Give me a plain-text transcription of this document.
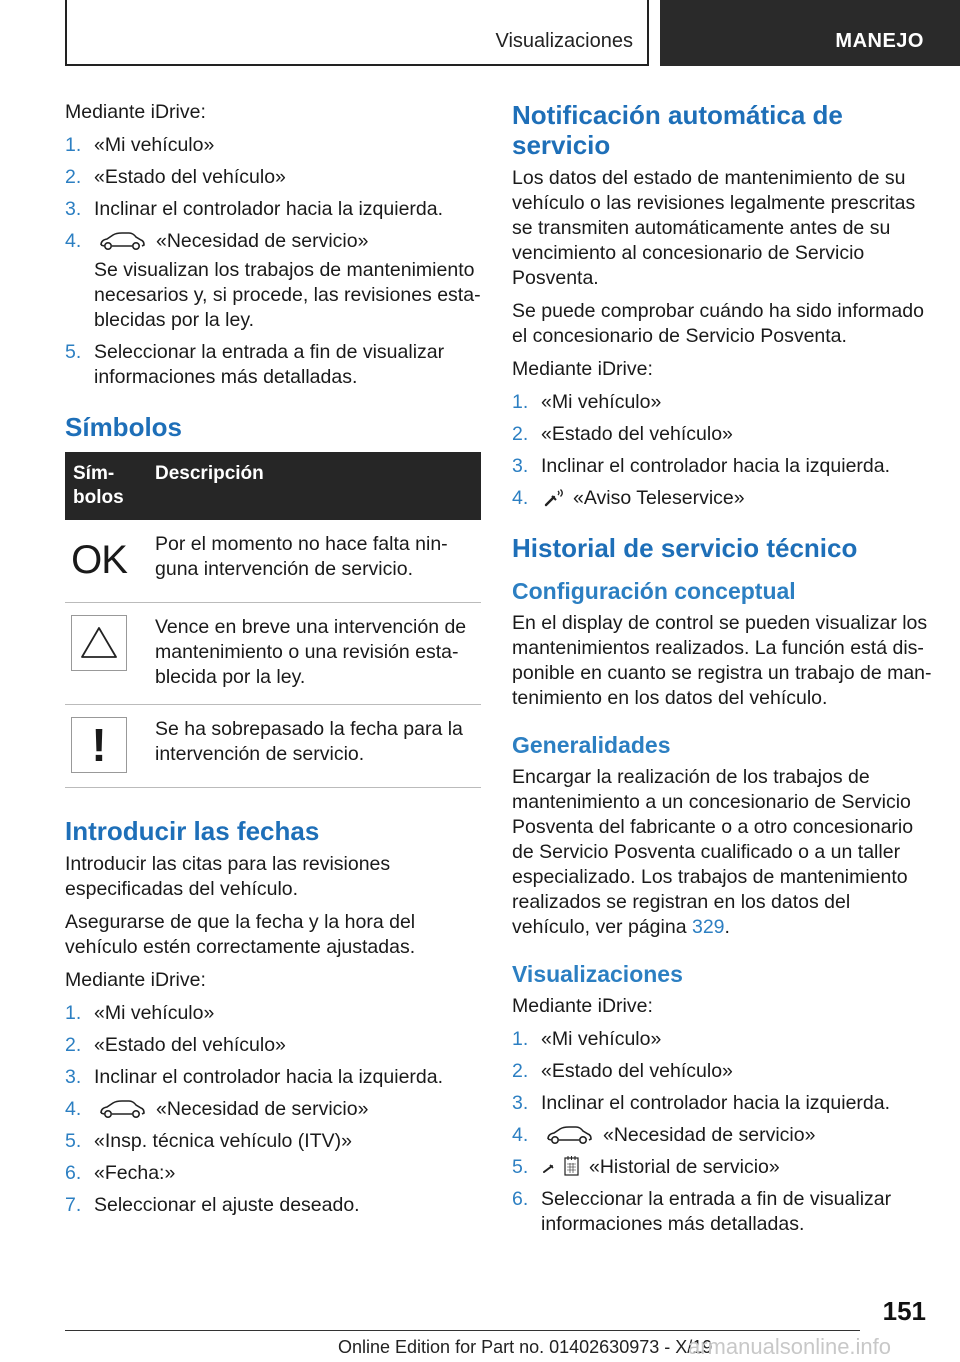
Visualizaciones	MANEJO

Mediante iDrive:

1. «Mi vehículo»
2. «Estado del vehículo»
3. Inclinar el controlador hacia la izquierda.
4.	«Necesidad de servicio»
Se visualizan los trabajos de mantenimiento necesarios y, si procede, las revisiones establecidas por la ley.
5. Seleccionar la entrada a fin de visualizar informaciones más detalladas.
Símbolos
Símbolos	Descripción

OK	Por el momento no hace falta ninguna intervención de servicio.

	Vence en breve una intervención de mantenimiento o una revisión establecida por la ley.

!	Se ha sobrepasado la fecha para la intervención de servicio.
Introducir las fechas

Introducir las citas para las revisiones especificadas del vehículo.

Asegurarse de que la fecha y la hora del vehículo estén correctamente ajustadas.

Mediante iDrive:

1. «Mi vehículo»
2. «Estado del vehículo»
3. Inclinar el controlador hacia la izquierda.
4.	«Necesidad de servicio»
5. «Insp. técnica vehículo (ITV)»
6. «Fecha:»
7. Seleccionar el ajuste deseado.
Notificación automática de servicio

Los datos del estado de mantenimiento de su vehículo o las revisiones legalmente prescritas se transmiten automáticamente antes de su vencimiento al concesionario de Servicio Posventa.

Se puede comprobar cuándo ha sido informado el concesionario de Servicio Posventa.

Mediante iDrive:

1. «Mi vehículo»
2. «Estado del vehículo»
3. Inclinar el controlador hacia la izquierda.
4. «Aviso Teleservice»
Historial de servicio técnico
Configuración conceptual

En el display de control se pueden visualizar los mantenimientos realizados. La función está disponible en cuanto se registra un trabajo de mantenimiento en los datos del vehículo.

Generalidades

Encargar la realización de los trabajos de mantenimiento a un concesionario de Servicio Posventa del fabricante o a otro concesionario de Servicio Posventa cualificado o a un taller especializado. Los trabajos de mantenimiento realizados se registran en los datos del vehículo, ver página 329.

Visualizaciones

Mediante iDrive:

1. «Mi vehículo»
2. «Estado del vehículo»
3. Inclinar el controlador hacia la izquierda.
4.	«Necesidad de servicio»
5.	«Historial de servicio»
6. Seleccionar la entrada a fin de visualizar informaciones más detalladas.
151
Online Edition for Part no. 01402630973 - X/19
armanualsonline.info
